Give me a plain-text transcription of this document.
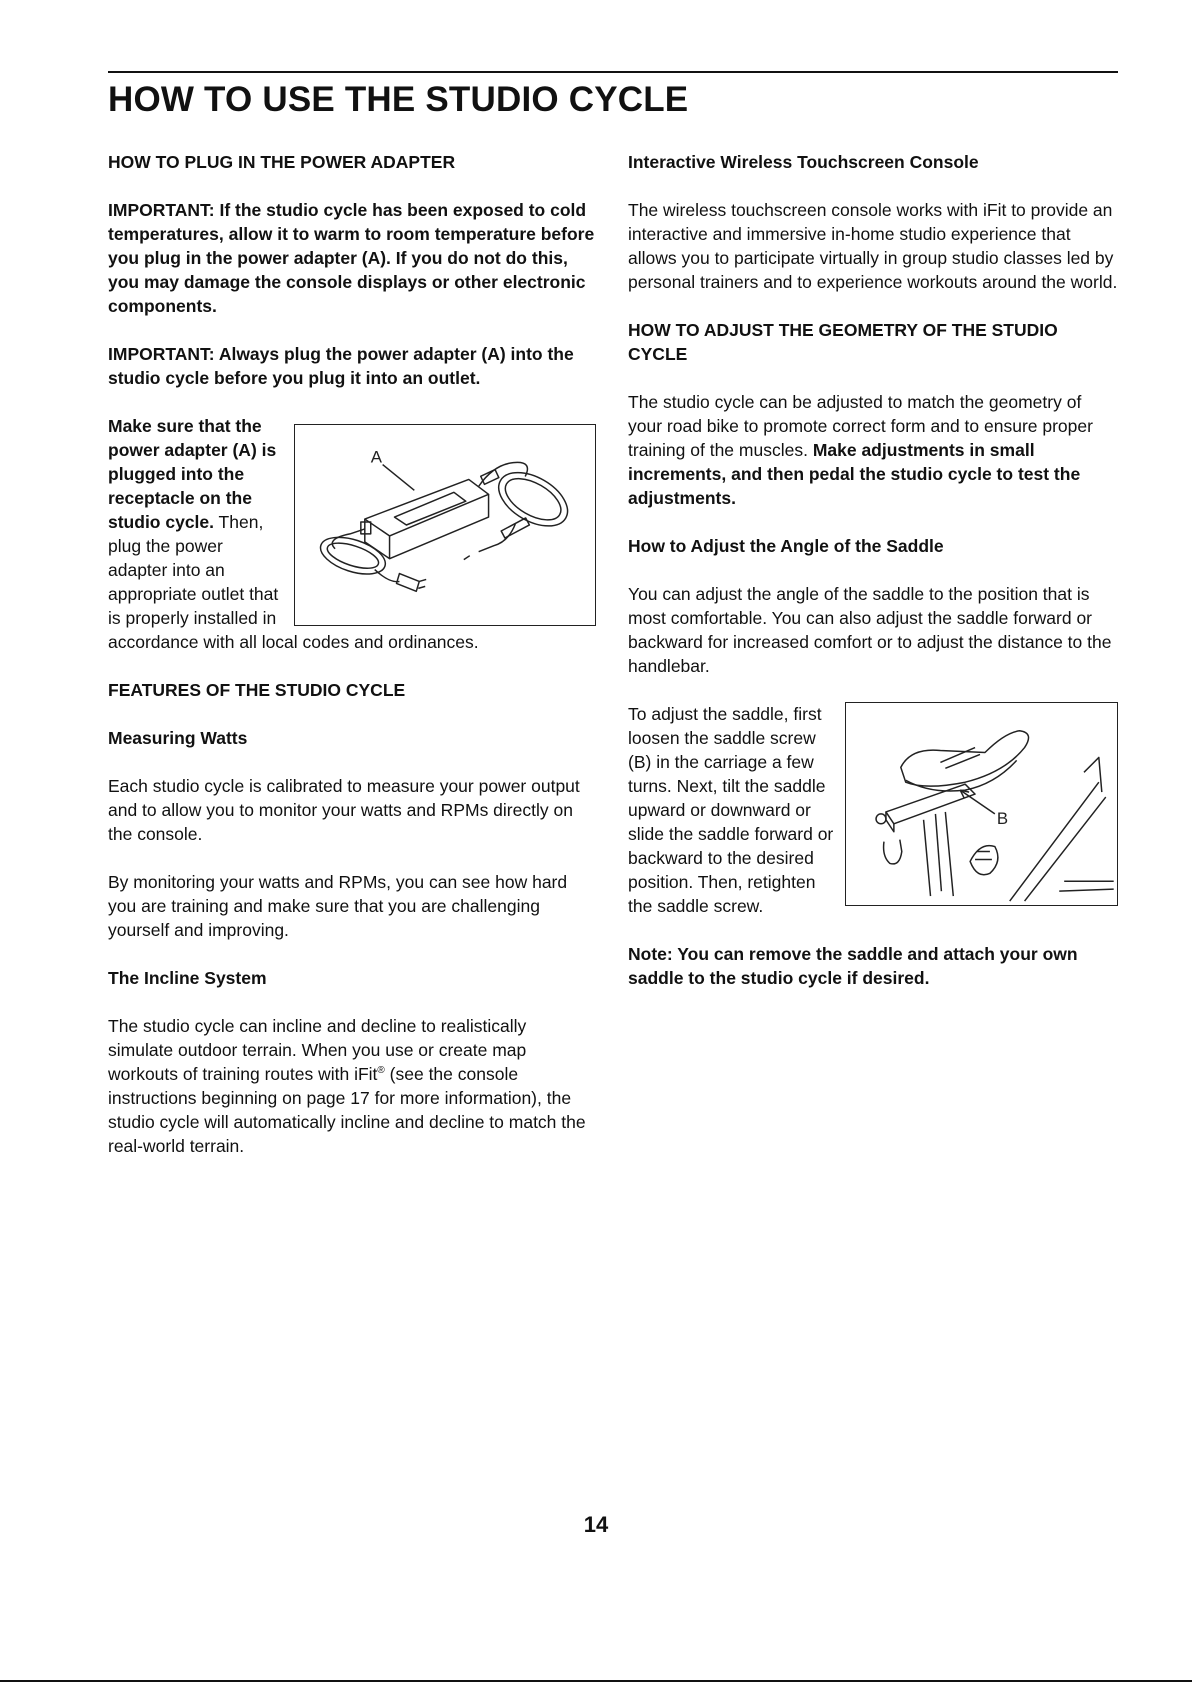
HOW TO USE THE STUDIO CYCLE
HOW TO PLUG IN THE POWER ADAPTER

IMPORTANT: If the studio cycle has been exposed to cold temperatures, allow it to warm to room temperature before you plug in the power adapter (A). If you do not do this, you may damage the console displays or other electronic components.

IMPORTANT: Always plug the power adapter (A) into the studio cycle before you plug it into an outlet.

A

Make sure that the power adapter (A) is plugged into the receptacle on the studio cycle. Then, plug the power adapter into an appropriate outlet that is properly installed in accordance with all local codes and ordinances.

FEATURES OF THE STUDIO CYCLE
Measuring Watts

Each studio cycle is calibrated to measure your power output and to allow you to monitor your watts and RPMs directly on the console.

By monitoring your watts and RPMs, you can see how hard you are training and make sure that you are challenging yourself and improving.

The Incline System

The studio cycle can incline and decline to realistically simulate outdoor terrain. When you use or create map workouts of training routes with iFit® (see the console instructions beginning on page 17 for more information), the studio cycle will automatically incline and decline to match the real-world terrain.

Interactive Wireless Touchscreen Console

The wireless touchscreen console works with iFit to provide an interactive and immersive in-home studio experience that allows you to participate virtually in group studio classes led by personal trainers and to experience workouts around the world.

HOW TO ADJUST THE GEOMETRY OF THE STUDIO CYCLE

The studio cycle can be adjusted to match the geometry of your road bike to promote correct form and to ensure proper training of the muscles. Make adjustments in small increments, and then pedal the studio cycle to test the adjustments.

How to Adjust the Angle of the Saddle

You can adjust the angle of the saddle to the position that is most comfortable. You can also adjust the saddle forward or backward for increased comfort or to adjust the distance to the handlebar.

B

To adjust the saddle, first loosen the saddle screw (B) in the carriage a few turns. Next, tilt the saddle upward or downward or slide the saddle forward or backward to the desired position. Then, retighten the saddle screw.

Note: You can remove the saddle and attach your own saddle to the studio cycle if desired.

14
